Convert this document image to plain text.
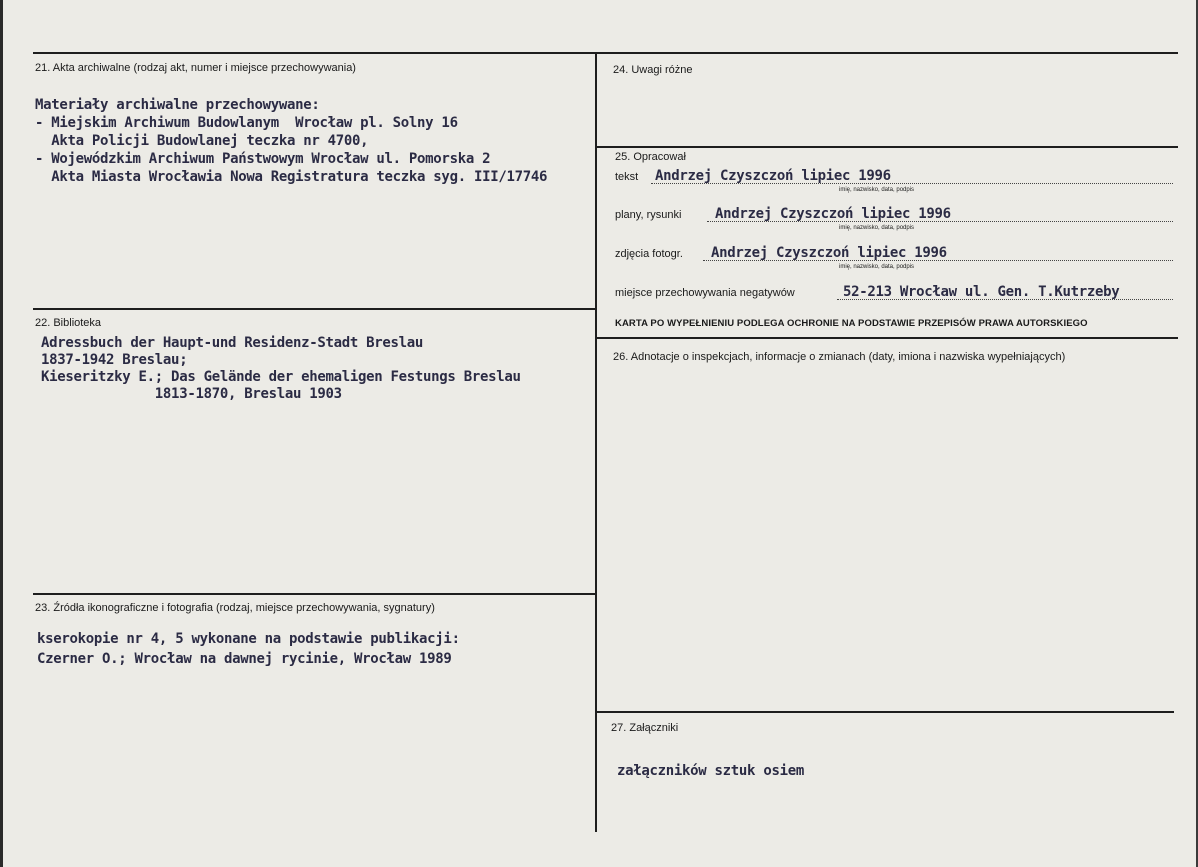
21. Akta archiwalne (rodzaj akt, numer i miejsce przechowywania)
Materiały archiwalne przechowywane:
- Miejskim Archiwum Budowlanym  Wrocław pl. Solny 16
Akta Policji Budowlanej teczka nr 4700,
- Wojewódzkim Archiwum Państwowym Wrocław ul. Pomorska 2
Akta Miasta Wrocławia Nowa Registratura teczka syg. III/17746
22. Biblioteka
Adressbuch der Haupt-und Residenz-Stadt Breslau
1837-1942 Breslau;
Kieseritzky E.; Das Gelände der ehemaligen Festungs Breslau
1813-1870, Breslau 1903
23. Źródła ikonograficzne i fotografia (rodzaj, miejsce przechowywania, sygnatury)
kserokopie nr 4, 5 wykonane na podstawie publikacji:
Czerner O.; Wrocław na dawnej rycinie, Wrocław 1989
24. Uwagi różne
25. Opracował
tekst Andrzej Czyszczoń lipiec 1996
imię, nazwisko, data, podpis
plany, rysunki Andrzej Czyszczoń lipiec 1996
imię, nazwisko, data, podpis
zdjęcia fotogr. Andrzej Czyszczoń lipiec 1996
imię, nazwisko, data, podpis
miejsce przechowywania negatywów	52-213 Wrocław ul. Gen. T.Kutrzeby
KARTA PO WYPEŁNIENIU PODLEGA OCHRONIE NA PODSTAWIE PRZEPISÓW PRAWA AUTORSKIEGO
26. Adnotacje o inspekcjach, informacje o zmianach (daty, imiona i nazwiska wypełniających)
27. Załączniki
załączników sztuk osiem
